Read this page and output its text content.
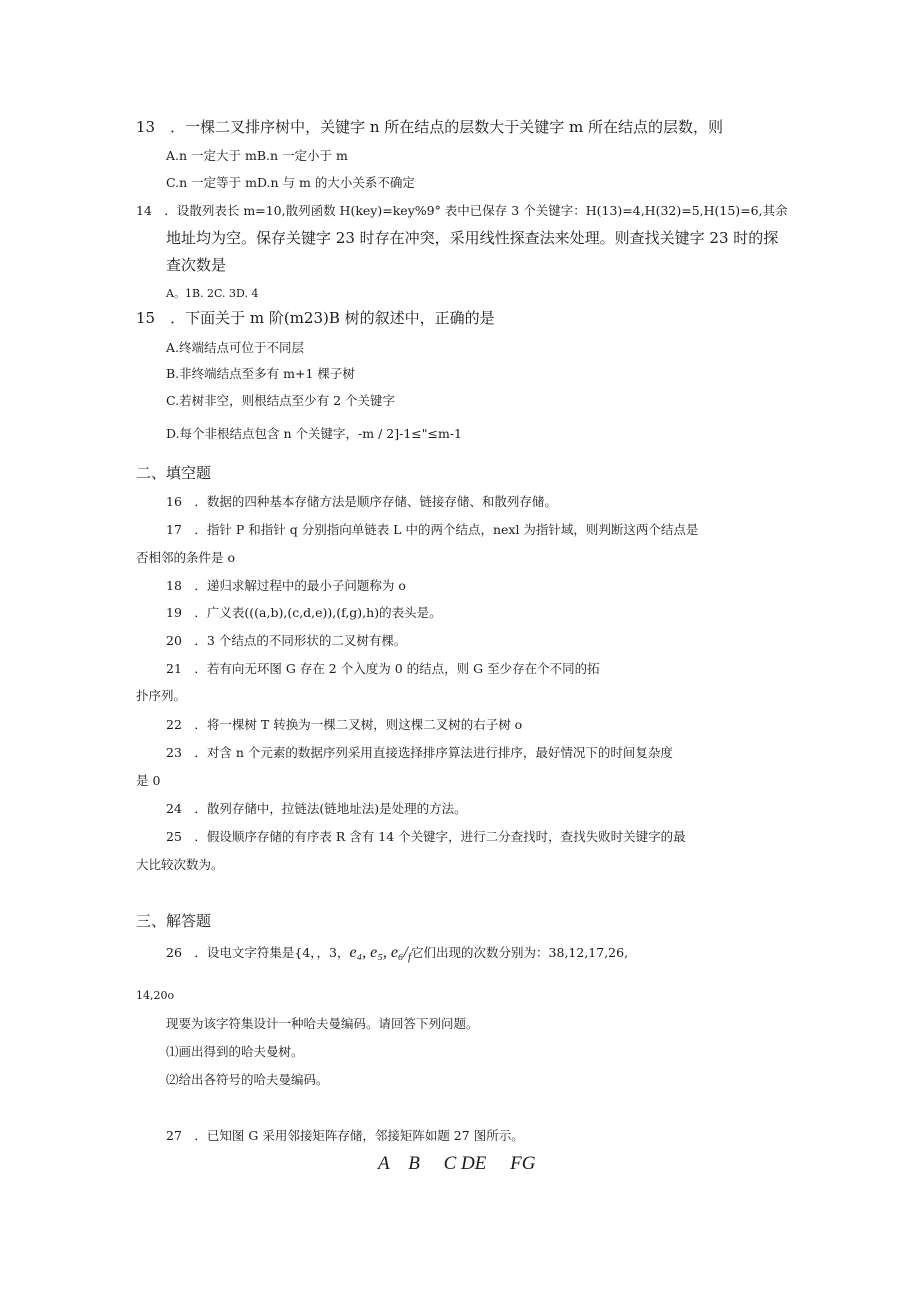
13　．一棵二叉排序树中，关键字 n 所在结点的层数大于关键字 m 所在结点的层数，则
A.n 一定大于 mB.n 一定小于 m
C.n 一定等于 mD.n 与 m 的大小关系不确定
14　．设散列表长 m=10,散列函数 H(key)=key%9° 表中已保存 3 个关键字：H(13)=4,H(32)=5,H(15)=6,其余
地址均为空。保存关键字 23 时存在冲突，采用线性探查法来处理。则查找关键字 23 时的探
查次数是
A。1B. 2C. 3D. 4
15　．下面关于 m 阶(m23)B 树的叙述中，正确的是
A.终端结点可位于不同层
B.非终端结点至多有 m+1 棵子树
C.若树非空，则根结点至少有 2 个关键字
D.每个非根结点包含 n 个关键字，-m / 2]-1≤"≤m-1
二、填空题
16　．数据的四种基本存储方法是顺序存储、链接存储、和散列存储。
17　．指针 P 和指针 q 分别指向单链表 L 中的两个结点，nexl 为指针域，则判断这两个结点是
否相邻的条件是 o
18　．递归求解过程中的最小子问题称为 o
19　．广义表(((a,b),(c,d,e)),(f,g),h)的表头是。
20　．3 个结点的不同形状的二叉树有棵。
21　．若有向无环图 G 存在 2 个入度为 0 的结点，则 G 至少存在个不同的拓
扑序列。
22　．将一棵树 T 转换为一棵二叉树，则这棵二叉树的右子树 o
23　．对含 n 个元素的数据序列采用直接选择排序算法进行排序，最好情况下的时间复杂度
是 0
24　．散列存储中，拉链法(链地址法)是处理的方法。
25　．假设顺序存储的有序表 R 含有 14 个关键字，进行二分查找时，查找失败时关键字的最
大比较次数为。
三、解答题
26　．设电文字符集是{4，，3，e₄, e₅, e₆/f它们出现的次数分别为：38,12,17,26,
14,20o
现要为该字符集设计一种哈夫曼编码。请回答下列问题。
⑴画出得到的哈夫曼树。
⑵给出各符号的哈夫曼编码。
27　．已知图 G 采用邻接矩阵存储，邻接矩阵如题 27 图所示。
A　B　 C DE　 FG
